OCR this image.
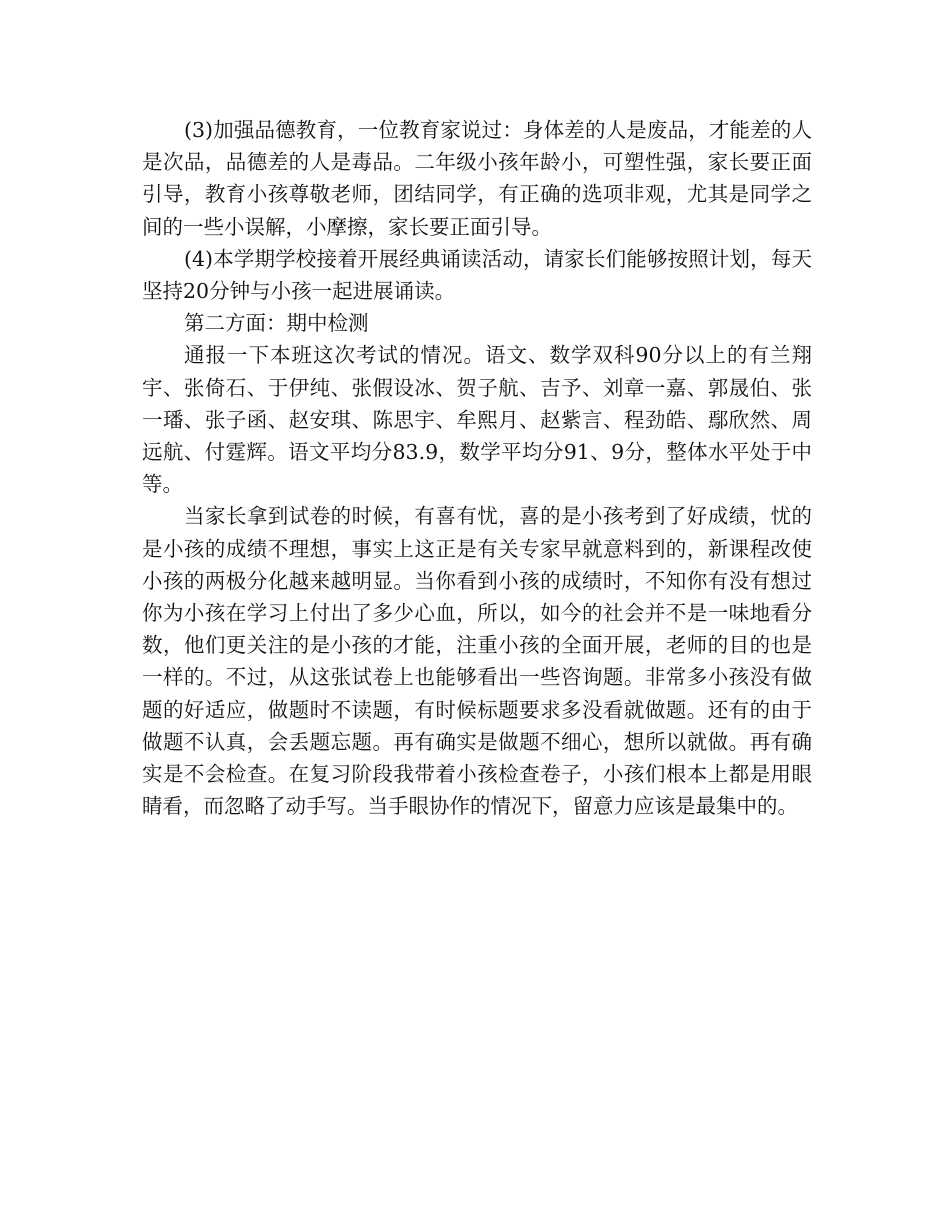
(3)加强品德教育，一位教育家说过：身体差的人是废品，才能差的人是次品，品德差的人是毒品。二年级小孩年龄小，可塑性强，家长要正面引导，教育小孩尊敬老师，团结同学，有正确的选项非观，尤其是同学之间的一些小误解，小摩擦，家长要正面引导。

(4)本学期学校接着开展经典诵读活动，请家长们能够按照计划，每天坚持20分钟与小孩一起进展诵读。

第二方面：期中检测

通报一下本班这次考试的情况。语文、数学双科90分以上的有兰翔宇、张倚石、于伊纯、张假设冰、贺子航、吉予、刘章一嘉、郭晟伯、张一璠、张子函、赵安琪、陈思宇、牟熙月、赵紫言、程劲皓、鄢欣然、周远航、付霆辉。语文平均分83.9，数学平均分91、9分，整体水平处于中等。

当家长拿到试卷的时候，有喜有忧，喜的是小孩考到了好成绩，忧的是小孩的成绩不理想，事实上这正是有关专家早就意料到的，新课程改使小孩的两极分化越来越明显。当你看到小孩的成绩时，不知你有没有想过你为小孩在学习上付出了多少心血，所以，如今的社会并不是一味地看分数，他们更关注的是小孩的才能，注重小孩的全面开展，老师的目的也是一样的。不过，从这张试卷上也能够看出一些咨询题。非常多小孩没有做题的好适应，做题时不读题，有时候标题要求多没看就做题。还有的由于做题不认真，会丢题忘题。再有确实是做题不细心，想所以就做。再有确实是不会检查。在复习阶段我带着小孩检查卷子，小孩们根本上都是用眼睛看，而忽略了动手写。当手眼协作的情况下，留意力应该是最集中的。
